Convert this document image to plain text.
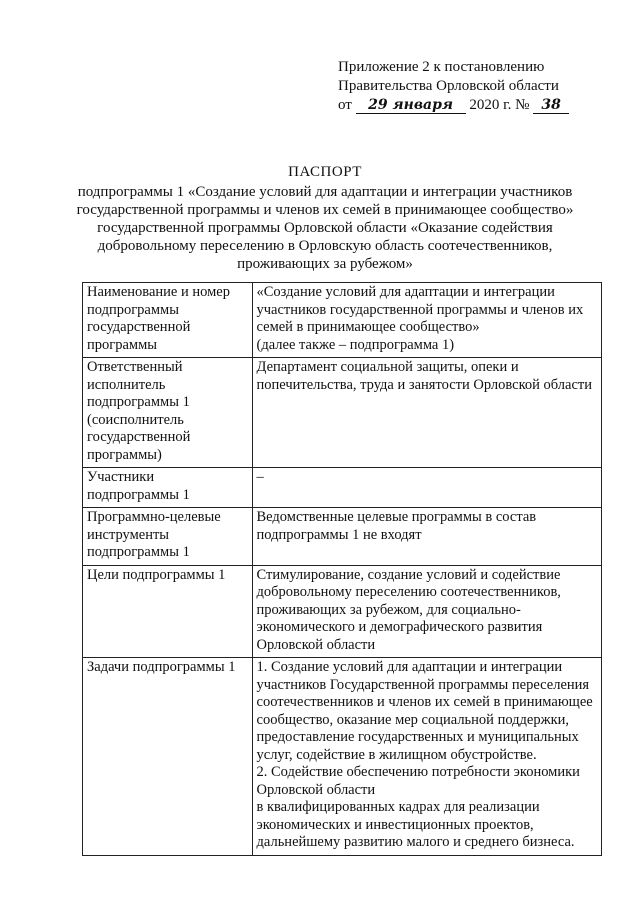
Приложение 2 к постановлению
Правительства Орловской области
от 29 января 2020 г. № 38
ПАСПОРТ
подпрограммы 1 «Создание условий для адаптации и интеграции участников государственной программы и членов их семей в принимающее сообщество» государственной программы Орловской области «Оказание содействия добровольному переселению в Орловскую область соотечественников, проживающих за рубежом»
Наименование и номер подпрограммы государственной программы	«Создание условий для адаптации и интеграции участников государственной программы и членов их семей в принимающее сообщество»
(далее также – подпрограмма 1)
Ответственный исполнитель подпрограммы 1 (соисполнитель государственной программы)	Департамент социальной защиты, опеки и попечительства, труда и занятости Орловской области
Участники подпрограммы 1	–
Программно-целевые инструменты подпрограммы 1	Ведомственные целевые программы в состав подпрограммы 1 не входят
Цели подпрограммы 1	Стимулирование, создание условий и содействие добровольному переселению соотечественников, проживающих за рубежом, для социально-экономического и демографического развития Орловской области
Задачи подпрограммы 1	1. Создание условий для адаптации и интеграции участников Государственной программы переселения соотечественников и членов их семей в принимающее сообщество, оказание мер социальной поддержки, предоставление государственных и муниципальных услуг, содействие в жилищном обустройстве.
2. Содействие обеспечению потребности экономики Орловской области
в квалифицированных кадрах для реализации экономических и инвестиционных проектов, дальнейшему развитию малого и среднего бизнеса.
